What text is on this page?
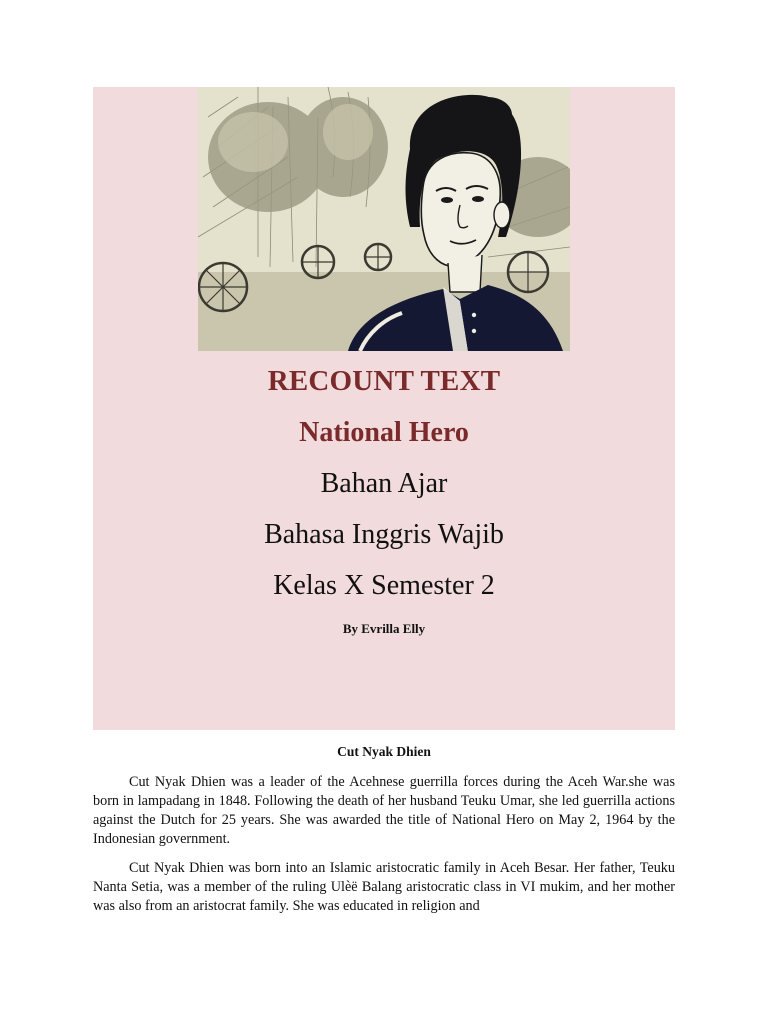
RECOUNT TEXT
National Hero
Bahan Ajar
Bahasa Inggris Wajib
Kelas X Semester 2
By Evrilla Elly
Cut Nyak Dhien

Cut Nyak Dhien was a leader of the Acehnese guerrilla forces during the Aceh War.she was born in lampadang in 1848. Following the death of her husband Teuku Umar, she led guerrilla actions against the Dutch for 25 years. She was awarded the title of National Hero on May 2, 1964 by the Indonesian government.

Cut Nyak Dhien was born into an Islamic aristocratic family in Aceh Besar. Her father, Teuku Nanta Setia, was a member of the ruling Ulèë Balang aristocratic class in VI mukim, and her mother was also from an aristocrat family. She was educated in religion and
